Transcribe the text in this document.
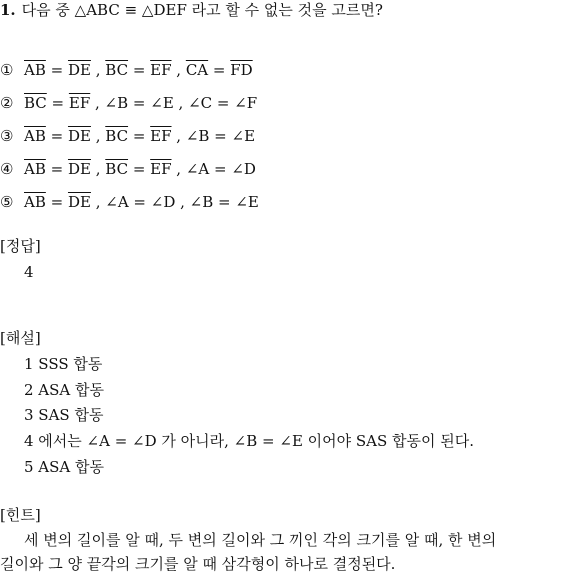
1. 다음 중 △ABC ≡ △DEF 라고 할 수 없는 것을 고르면?
① $\overline{AB} = \overline{DE}$ , $\overline{BC} = \overline{EF}$ , $\overline{CA} = \overline{FD}$
② $\overline{BC} = \overline{EF}$ , ∠B = ∠E , ∠C = ∠F
③ $\overline{AB} = \overline{DE}$ , $\overline{BC} = \overline{EF}$ , ∠B = ∠E
④ $\overline{AB} = \overline{DE}$ , $\overline{BC} = \overline{EF}$ , ∠A = ∠D
⑤ $\overline{AB} = \overline{DE}$ , ∠A = ∠D , ∠B = ∠E
[정답]
4
[해설]
1 SSS 합동
2 ASA 합동
3 SAS 합동
4 에서는 ∠A = ∠D 가 아니라, ∠B = ∠E 이어야 SAS 합동이 된다.
5 ASA 합동
[힌트]
세 변의 길이를 알 때, 두 변의 길이와 그 끼인 각의 크기를 알 때, 한 변의
길이와 그 양 끝각의 크기를 알 때 삼각형이 하나로 결정된다.
